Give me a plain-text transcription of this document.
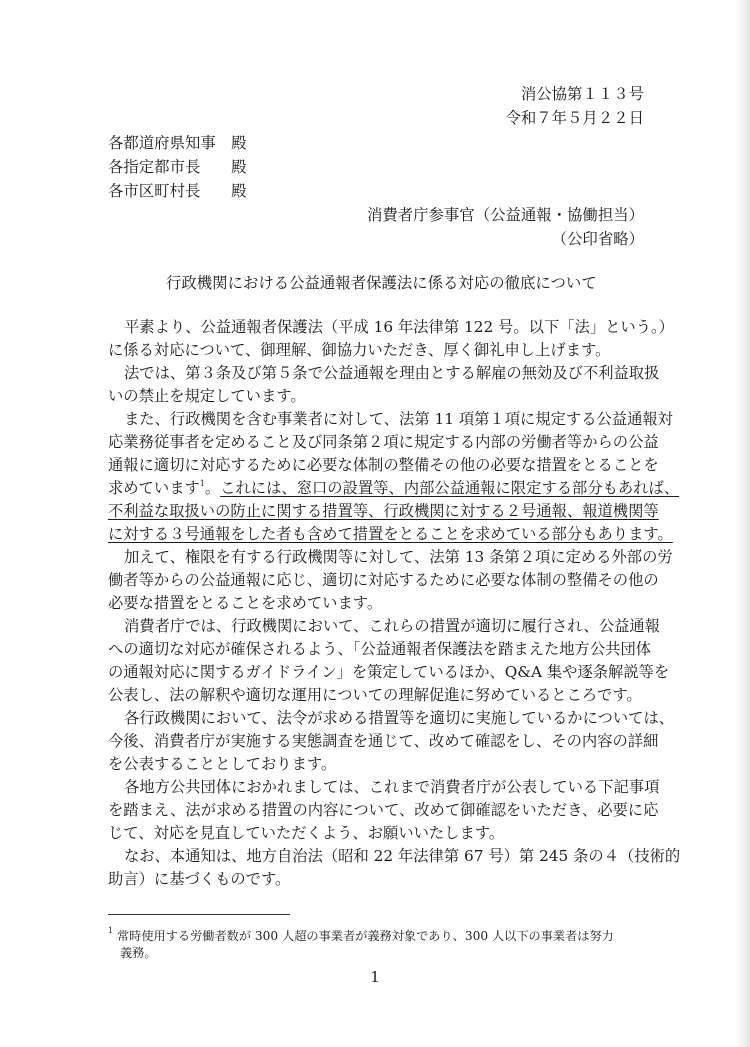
消公協第１１３号
令和７年５月２２日
各都道府県知事　殿
各指定都市長　　殿
各市区町村長　　殿
消費者庁参事官（公益通報・協働担当）
（公印省略）
行政機関における公益通報者保護法に係る対応の徹底について
平素より、公益通報者保護法（平成 16 年法律第 122 号。以下「法」という。）
に係る対応について、御理解、御協力いただき、厚く御礼申し上げます。
法では、第３条及び第５条で公益通報を理由とする解雇の無効及び不利益取扱
いの禁止を規定しています。
また、行政機関を含む事業者に対して、法第 11 項第１項に規定する公益通報対
応業務従事者を定めること及び同条第２項に規定する内部の労働者等からの公益
通報に適切に対応するために必要な体制の整備その他の必要な措置をとることを
求めています$^1$。これには、窓口の設置等、内部公益通報に限定する部分もあれば、
不利益な取扱いの防止に関する措置等、行政機関に対する２号通報、報道機関等
に対する３号通報をした者も含めて措置をとることを求めている部分もあります。
加えて、権限を有する行政機関等に対して、法第 13 条第２項に定める外部の労
働者等からの公益通報に応じ、適切に対応するために必要な体制の整備その他の
必要な措置をとることを求めています。
消費者庁では、行政機関において、これらの措置が適切に履行され、公益通報
への適切な対応が確保されるよう、「公益通報者保護法を踏まえた地方公共団体
の通報対応に関するガイドライン」を策定しているほか、Q&A 集や逐条解説等を
公表し、法の解釈や適切な運用についての理解促進に努めているところです。
各行政機関において、法令が求める措置等を適切に実施しているかについては、
今後、消費者庁が実施する実態調査を通じて、改めて確認をし、その内容の詳細
を公表することとしております。
各地方公共団体におかれましては、これまで消費者庁が公表している下記事項
を踏まえ、法が求める措置の内容について、改めて御確認をいただき、必要に応
じて、対応を見直していただくよう、お願いいたします。
なお、本通知は、地方自治法（昭和 22 年法律第 67 号）第 245 条の４（技術的
助言）に基づくものです。
$^1$ 常時使用する労働者数が 300 人超の事業者が義務対象であり、300 人以下の事業者は努力
義務。
1
